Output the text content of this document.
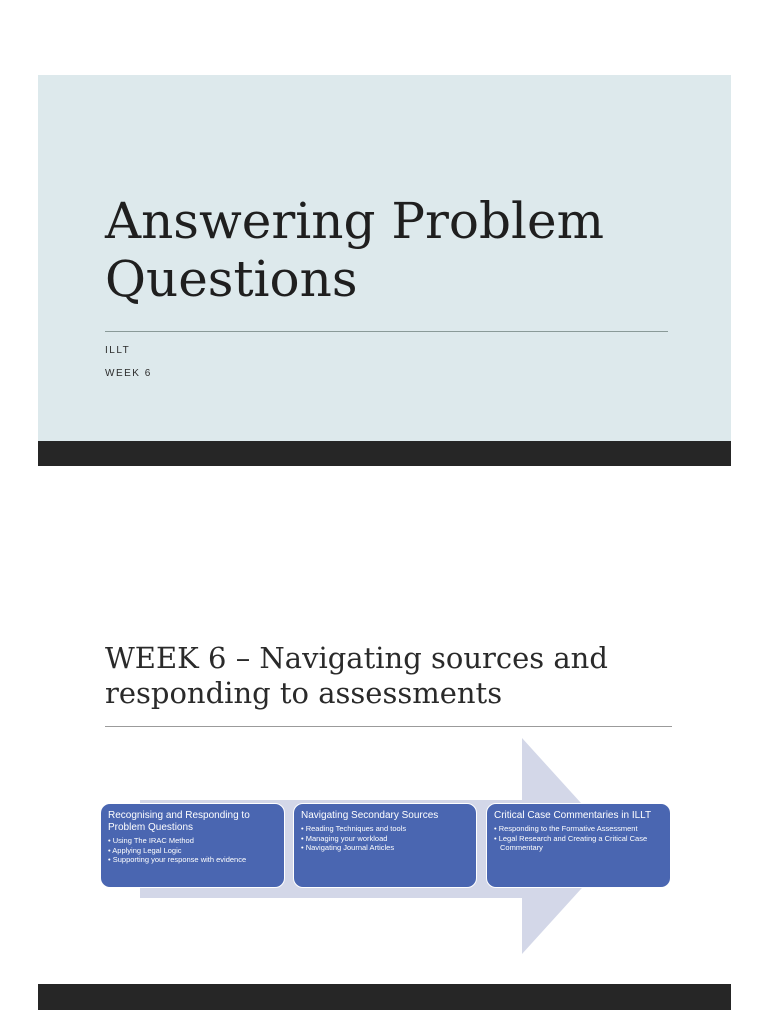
Answering Problem Questions
ILLT
WEEK 6
WEEK 6 – Navigating sources and responding to assessments
Recognising and Responding to Problem Questions
• Using The IRAC Method
• Applying Legal Logic
• Supporting your response with evidence
Navigating Secondary Sources
• Reading Techniques and tools
• Managing your workload
• Navigating Journal Articles
Critical Case Commentaries in ILLT
• Responding to the Formative Assessment
• Legal Research and Creating a Critical Case Commentary
